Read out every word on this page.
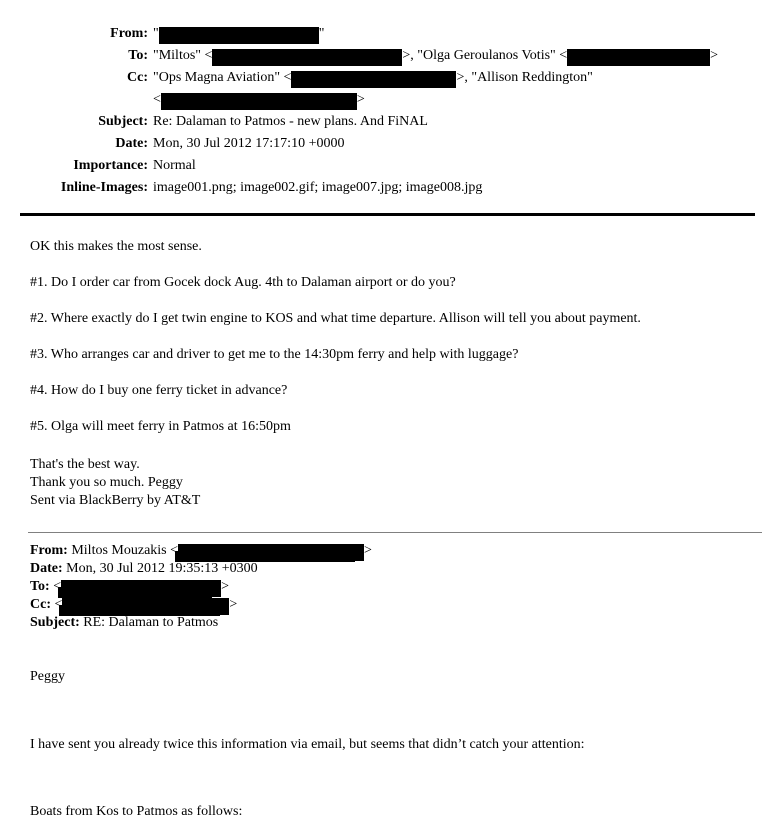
From: "	"
To: "Miltos" <	>, "Olga Geroulanos Votis" <	>
Cc: "Ops Magna Aviation" <	>, "Allison Reddington"
<	>
Subject: Re: Dalaman to Patmos - new plans. And FiNAL
Date: Mon, 30 Jul 2012 17:17:10 +0000
Importance: Normal
Inline-Images: image001.png; image002.gif; image007.jpg; image008.jpg

OK this makes the most sense.

#1. Do I order car from Gocek dock Aug. 4th to Dalaman airport or do you?

#2. Where exactly do I get twin engine to KOS and what time departure. Allison will tell you about payment.

#3. Who arranges car and driver to get me to the 14:30pm ferry and help with luggage?

#4. How do I buy one ferry ticket in advance?

#5. Olga will meet ferry in Patmos at 16:50pm

That's the best way.
Thank you so much. Peggy
Sent via BlackBerry by AT&T

From: Miltos Mouzakis <	>

Date: Mon, 30 Jul 2012 19:35:13 +0300

To: <	>

Cc: <	>

Subject: RE: Dalaman to Patmos

Peggy

I have sent you already twice this information via email, but seems that didn’t catch your attention:

Boats from Kos to Patmos as follows:
